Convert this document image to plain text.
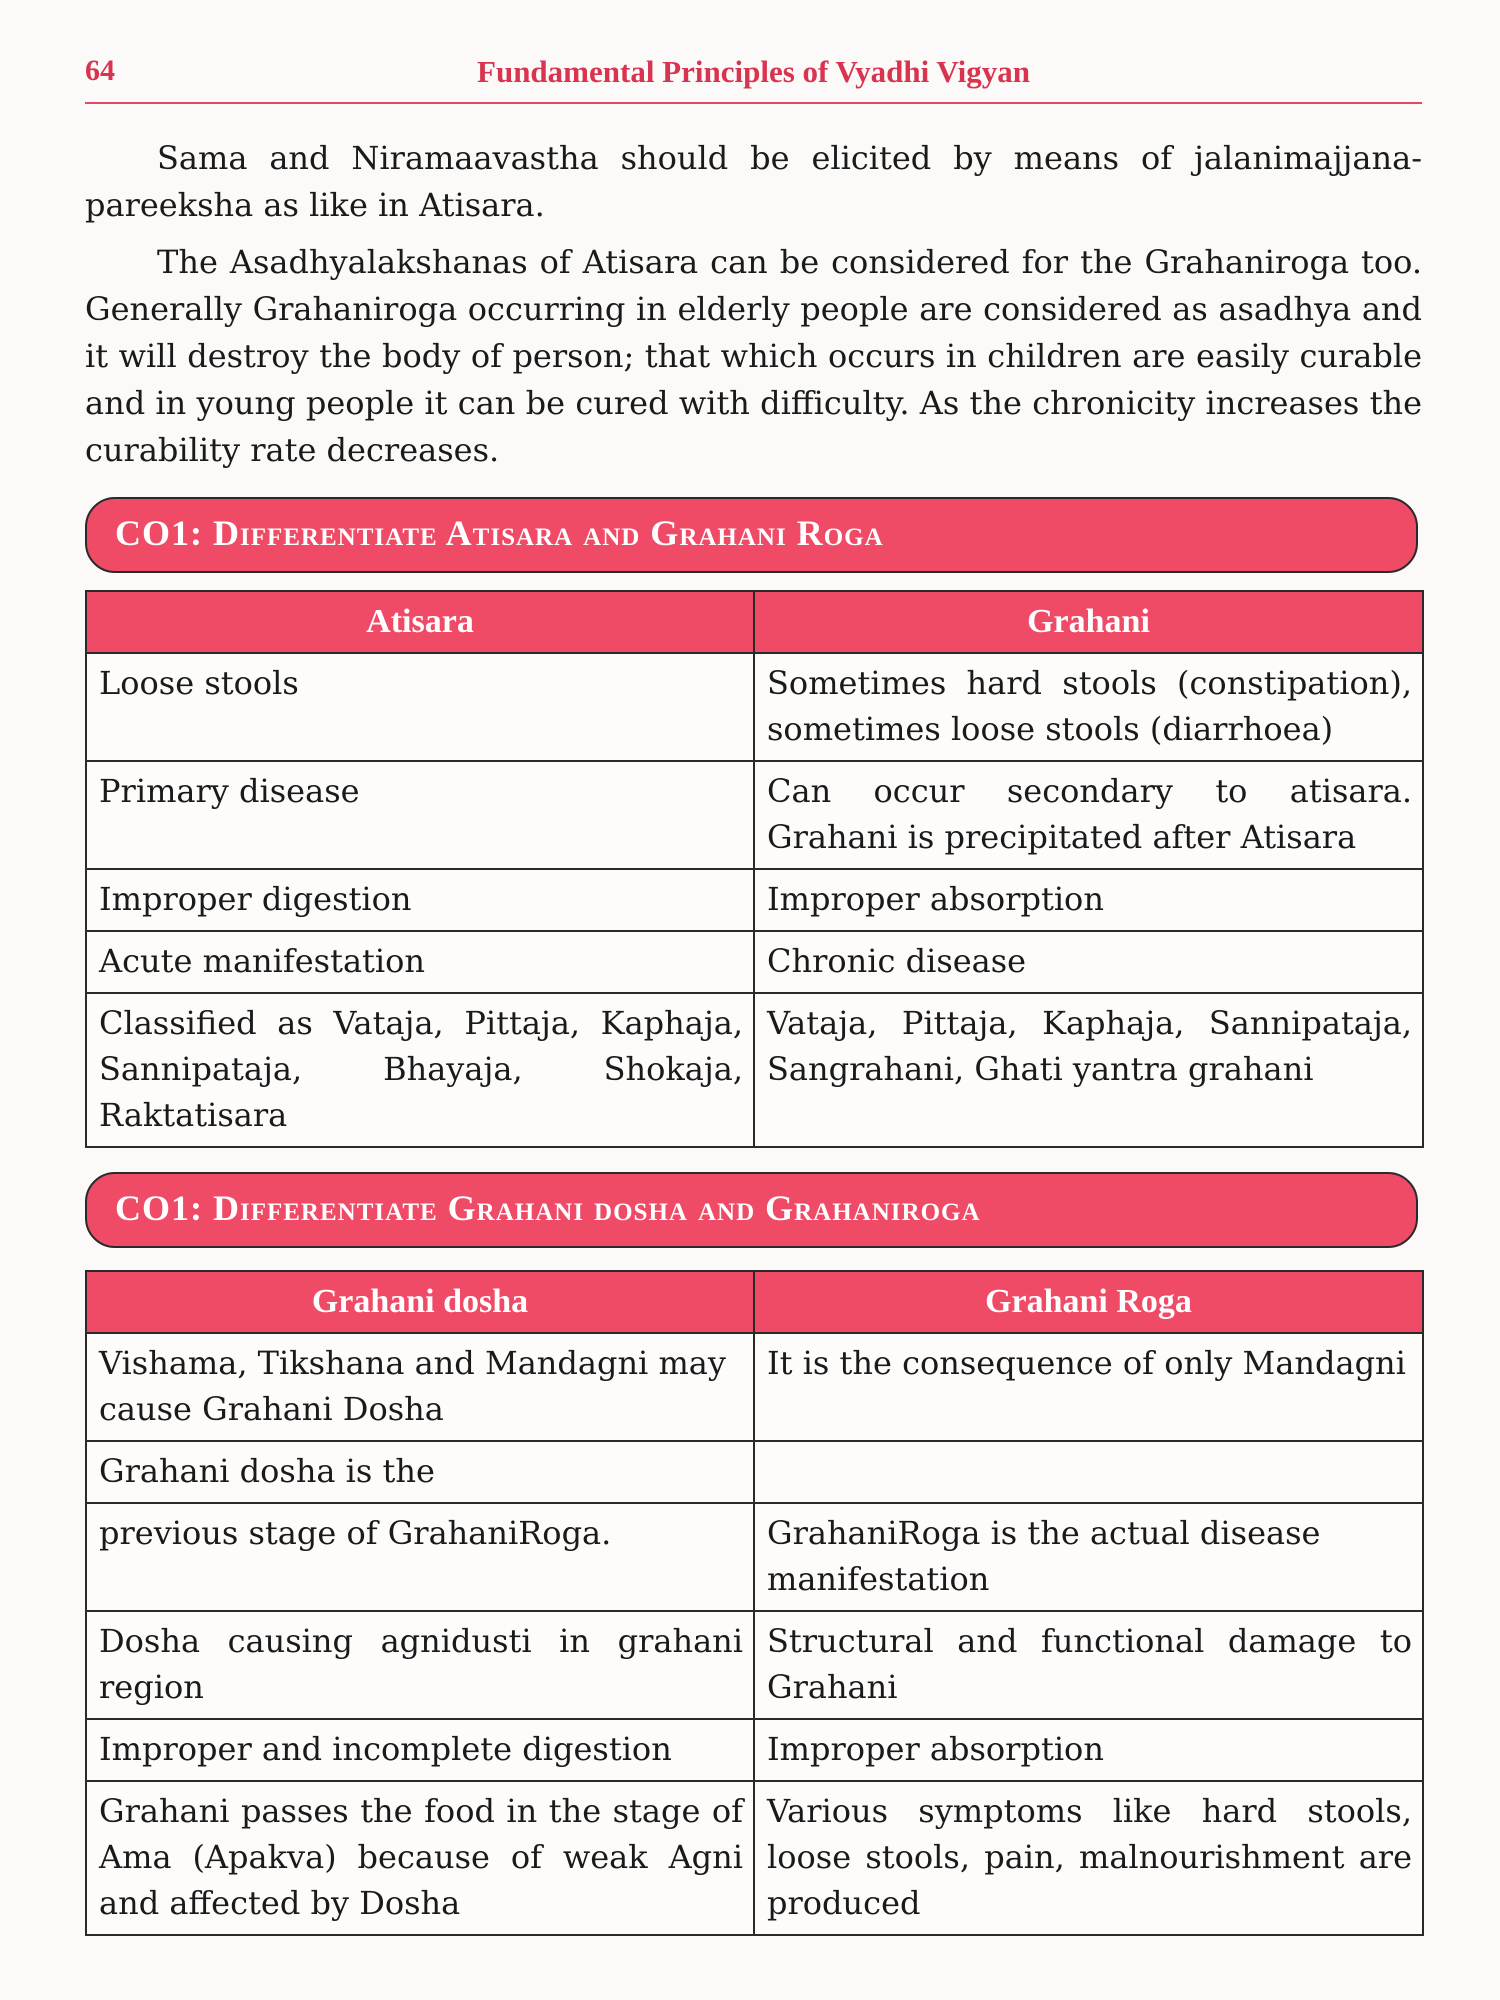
64	Fundamental Principles of Vyadhi Vigyan

Sama and Niramaavastha should be elicited by means of jalanimajjana-pareeksha as like in Atisara.

The Asadhyalakshanas of Atisara can be considered for the Grahaniroga too. Generally Grahaniroga occurring in elderly people are considered as asadhya and it will destroy the body of person; that which occurs in children are easily curable and in young people it can be cured with difficulty. As the chronicity increases the curability rate decreases.

CO1: Differentiate Atisara and Grahani Roga
Atisara	Grahani
Loose stools	Sometimes hard stools (constipation), sometimes loose stools (diarrhoea)
Primary disease	Can occur secondary to atisara. Grahani is precipitated after Atisara
Improper digestion	Improper absorption
Acute manifestation	Chronic disease
Classified as Vataja, Pittaja, Kaphaja, Sannipataja, Bhayaja, Shokaja, Raktatisara	Vataja, Pittaja, Kaphaja, Sannipataja, Sangrahani, Ghati yantra grahani
CO1: Differentiate Grahani dosha and Grahaniroga
Grahani dosha	Grahani Roga
Vishama, Tikshana and Mandagni may cause Grahani Dosha	It is the consequence of only Mandagni
Grahani dosha is the	
previous stage of GrahaniRoga.	GrahaniRoga is the actual disease manifestation
Dosha causing agnidusti in grahani region	Structural and functional damage to Grahani
Improper and incomplete digestion	Improper absorption
Grahani passes the food in the stage of Ama (Apakva) because of weak Agni and affected by Dosha	Various symptoms like hard stools, loose stools, pain, malnourishment are produced
